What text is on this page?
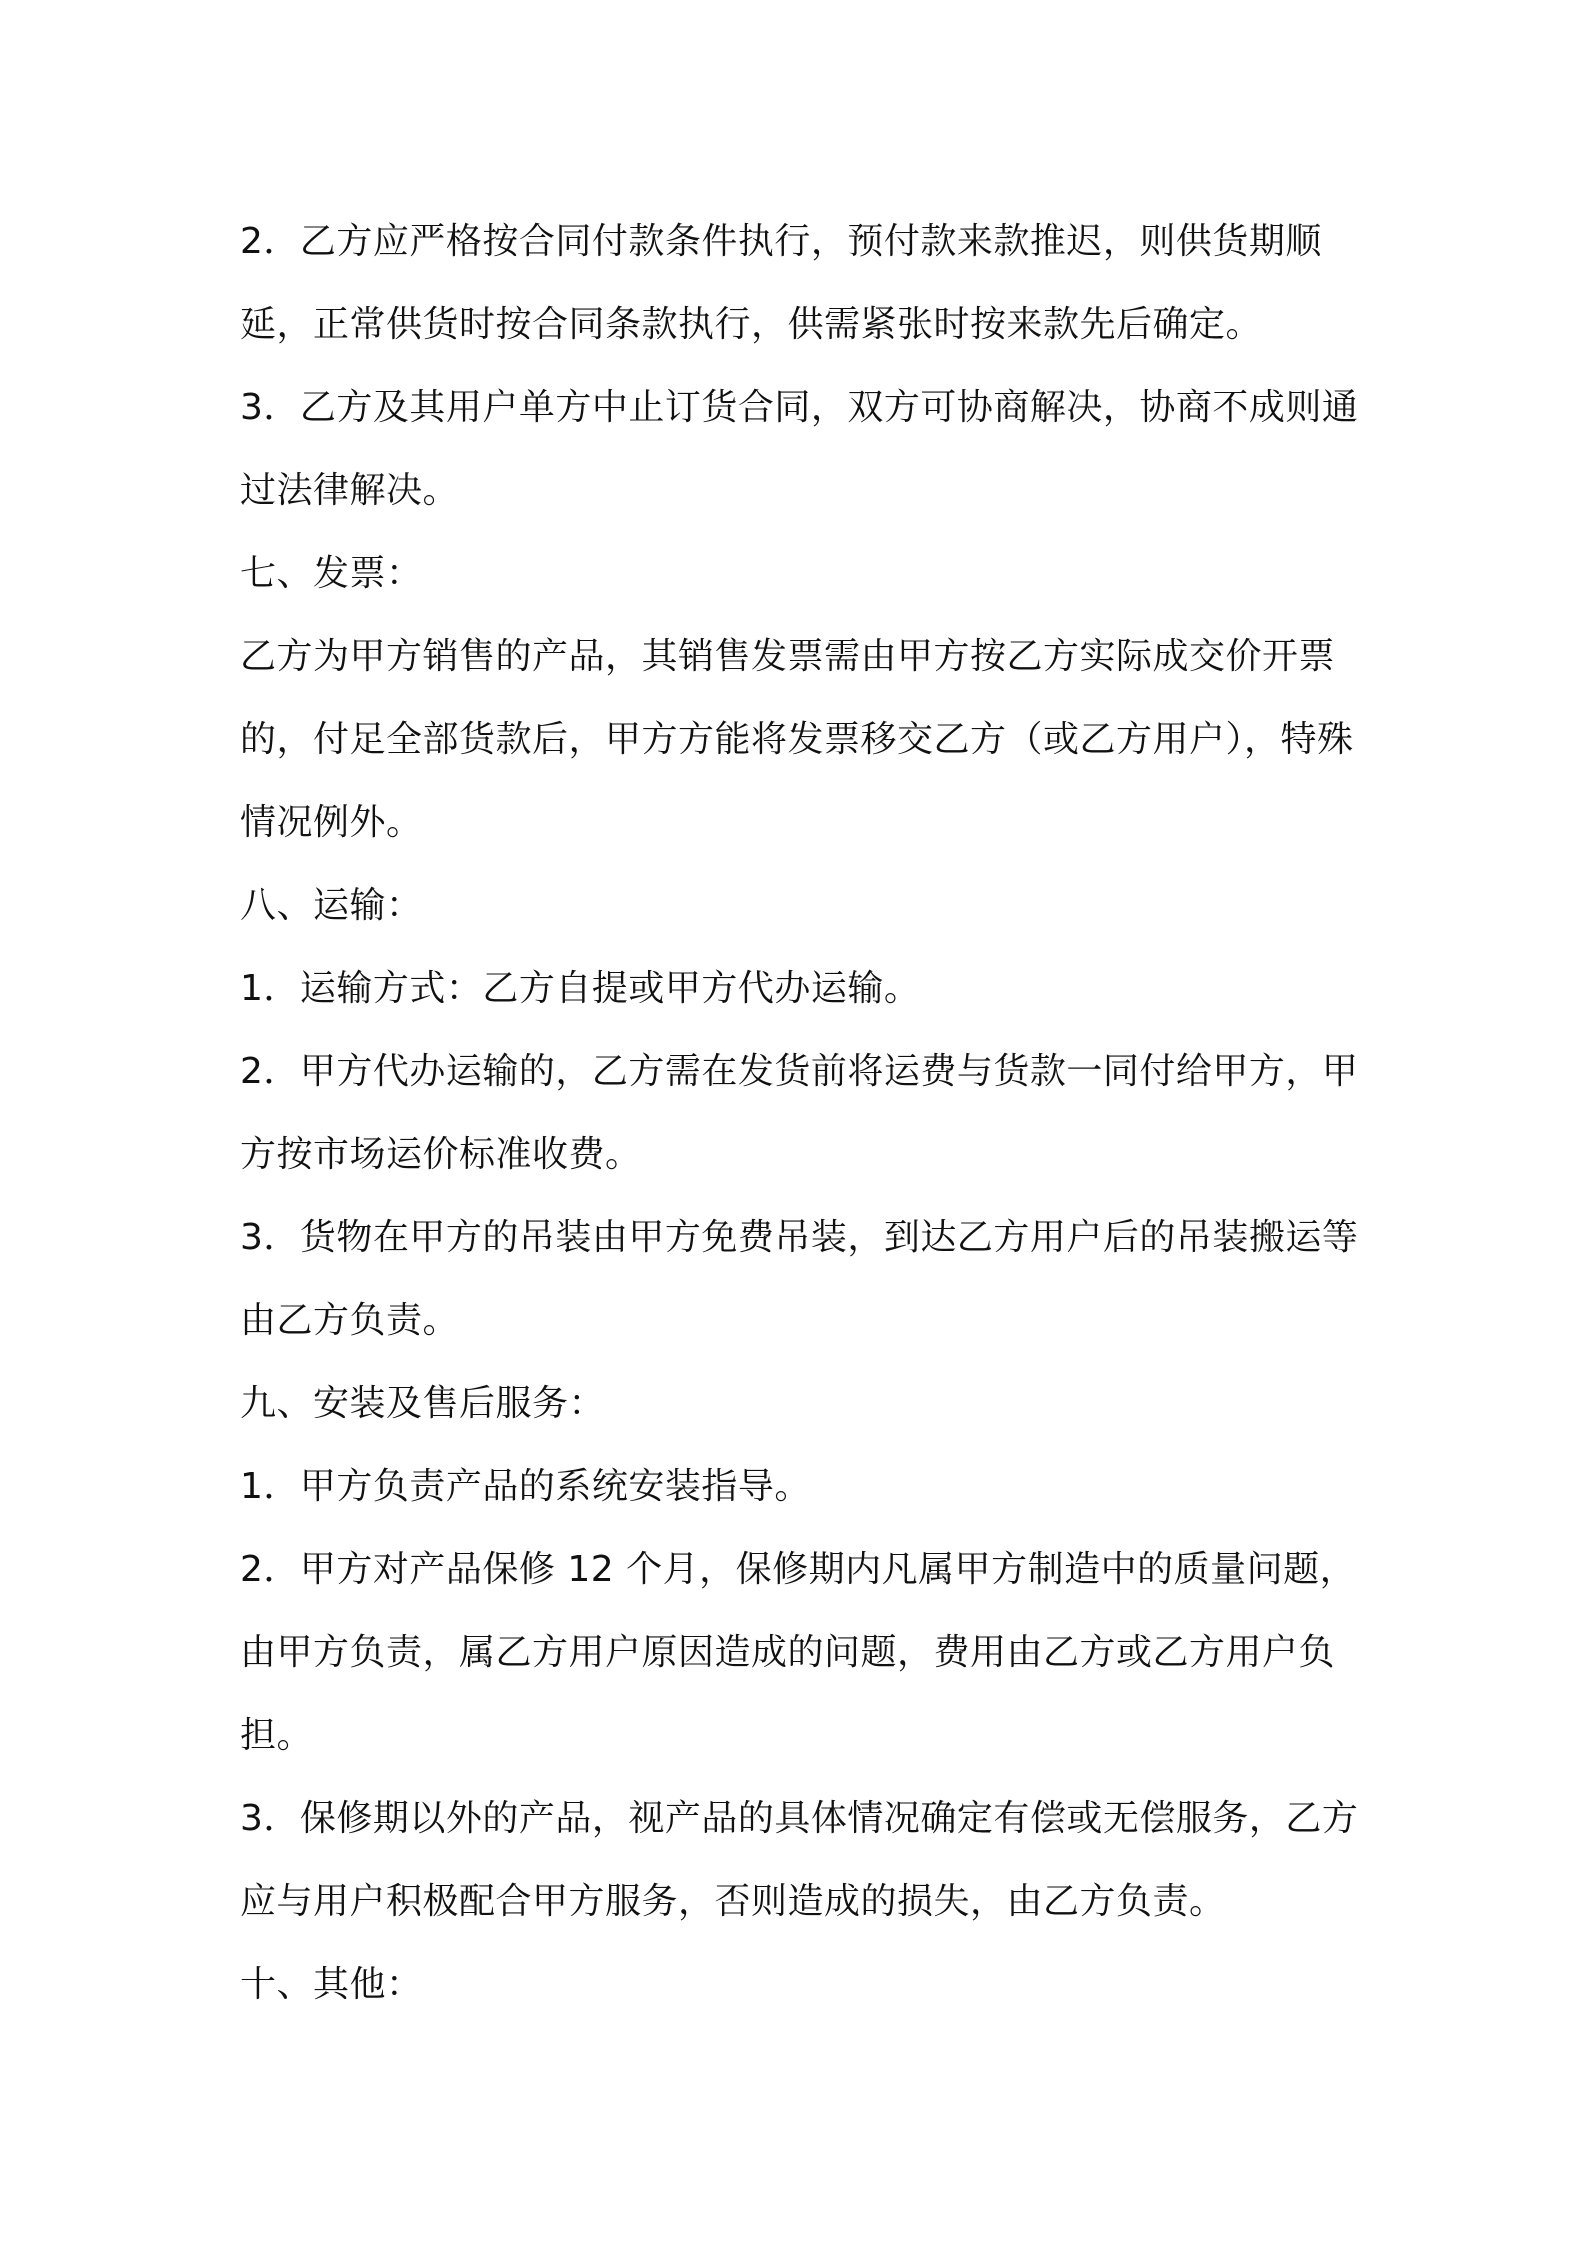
2．乙方应严格按合同付款条件执行，预付款来款推迟，则供货期顺延，正常供货时按合同条款执行，供需紧张时按来款先后确定。

3．乙方及其用户单方中止订货合同，双方可协商解决，协商不成则通过法律解决。

七、发票：

乙方为甲方销售的产品，其销售发票需由甲方按乙方实际成交价开票的，付足全部货款后，甲方方能将发票移交乙方（或乙方用户），特殊情况例外。

八、运输：

1．运输方式：乙方自提或甲方代办运输。

2．甲方代办运输的，乙方需在发货前将运费与货款一同付给甲方，甲方按市场运价标准收费。

3．货物在甲方的吊装由甲方免费吊装，到达乙方用户后的吊装搬运等由乙方负责。

九、安装及售后服务：

1．甲方负责产品的系统安装指导。

2．甲方对产品保修 12 个月，保修期内凡属甲方制造中的质量问题，由甲方负责，属乙方用户原因造成的问题，费用由乙方或乙方用户负担。

3．保修期以外的产品，视产品的具体情况确定有偿或无偿服务，乙方应与用户积极配合甲方服务，否则造成的损失，由乙方负责。

十、其他：
